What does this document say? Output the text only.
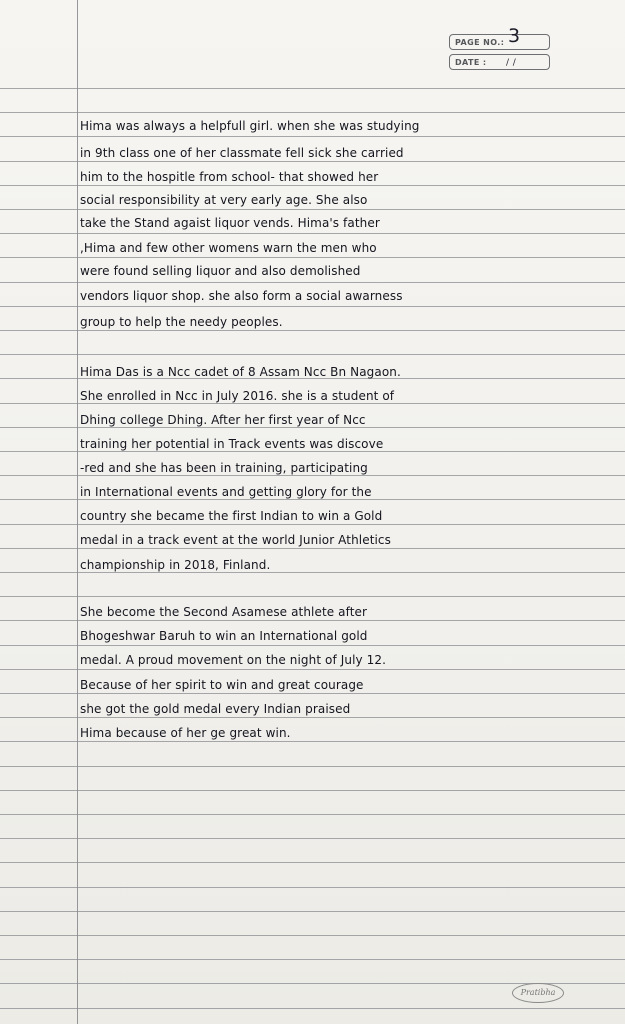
PAGE NO.: 3
DATE : / /
Hima was always a helpfull girl. when she was studying
in 9th class one of her classmate fell sick she carried
him to the hospitle from school- that showed her
social responsibility at very early age. She also
take the Stand agaist liquor vends. Hima's father
,Hima and few other womens warn the men who
were found selling liquor and also demolished
vendors liquor shop. she also form a social awarness
group to help the needy peoples.
Hima Das is a Ncc cadet of 8 Assam Ncc Bn Nagaon.
She enrolled in Ncc in July 2016. she is a student of
Dhing college Dhing. After her first year of Ncc
training her potential in Track events was discove
-red and she has been in training, participating
in International events and getting glory for the
country she became the first Indian to win a Gold
medal in a track event at the world Junior Athletics
championship in 2018, Finland.
She become the Second Asamese athlete after
Bhogeshwar Baruh to win an International gold
medal. A proud movement on the night of July 12.
Because of her spirit to win and great courage
she got the gold medal every Indian praised
Hima because of her ge great win.
Pratibha
